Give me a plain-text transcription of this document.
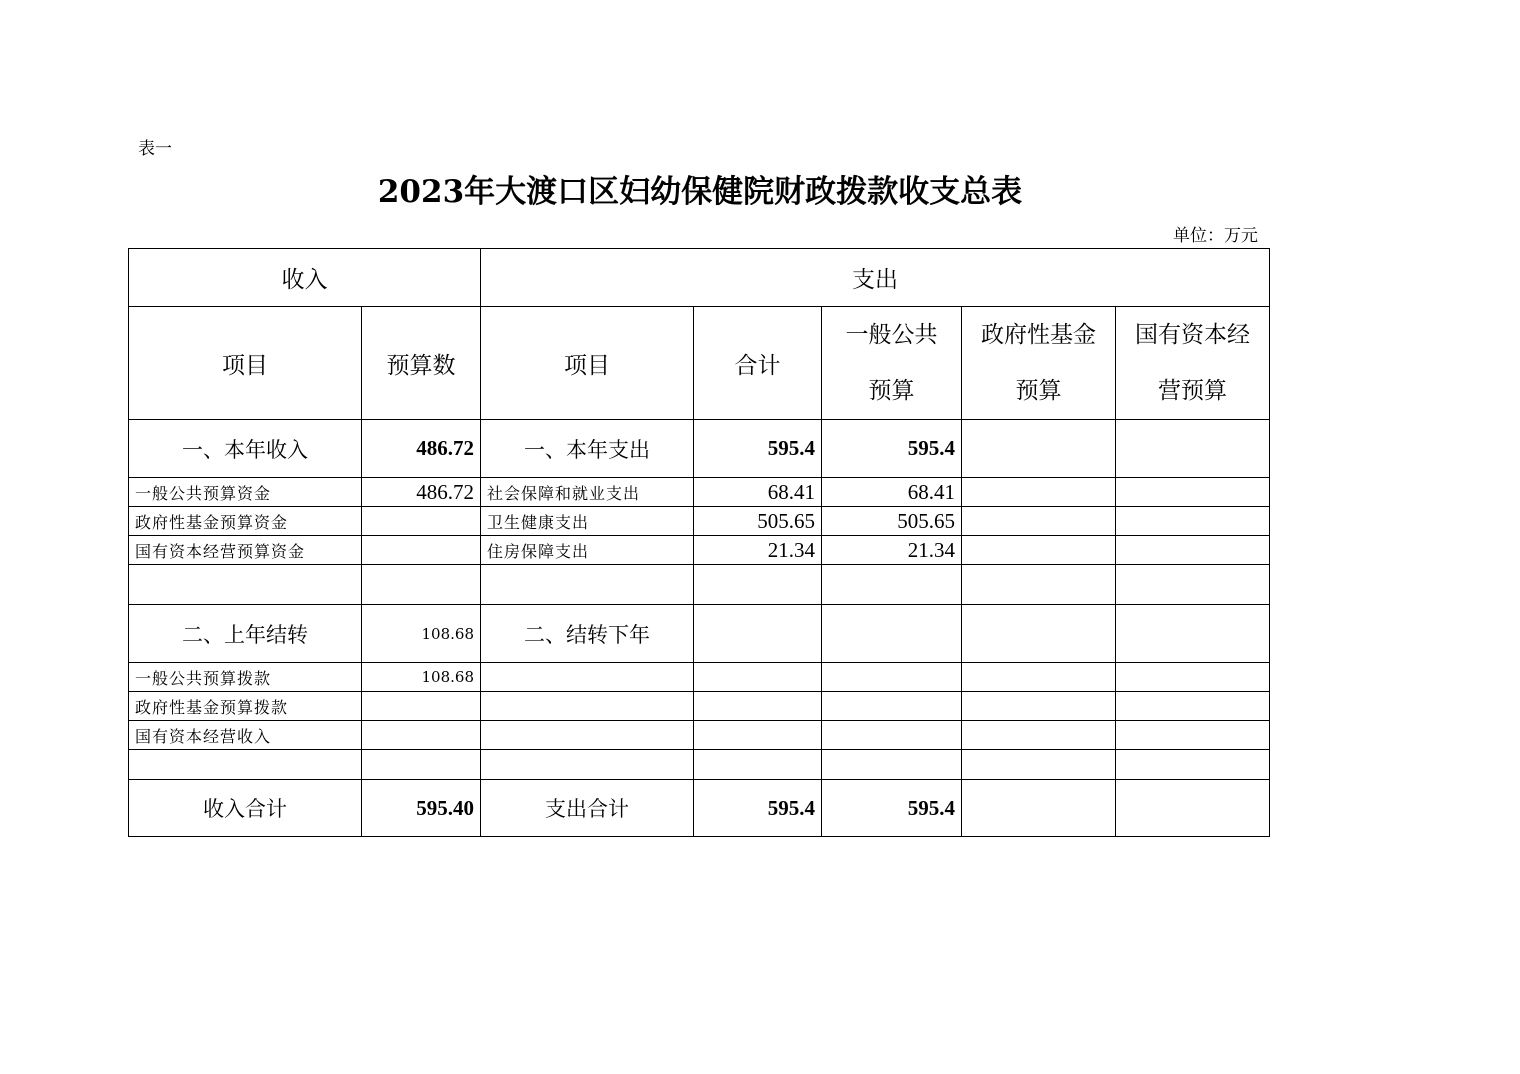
表一
2023年大渡口区妇幼保健院财政拨款收支总表
单位：万元
收入		支出				
项目	预算数	项目	合计	一般公共预算	政府性基金预算	国有资本经营预算
一、本年收入	486.72	一、本年支出	595.4	595.4		
一般公共预算资金	486.72	社会保障和就业支出	68.41	68.41		
政府性基金预算资金		卫生健康支出	505.65	505.65		
国有资本经营预算资金		住房保障支出	21.34	21.34		

二、上年结转	108.68	二、结转下年				
一般公共预算拨款	108.68					
政府性基金预算拨款						
国有资本经营收入						

收入合计	595.40	支出合计	595.4	595.4		
